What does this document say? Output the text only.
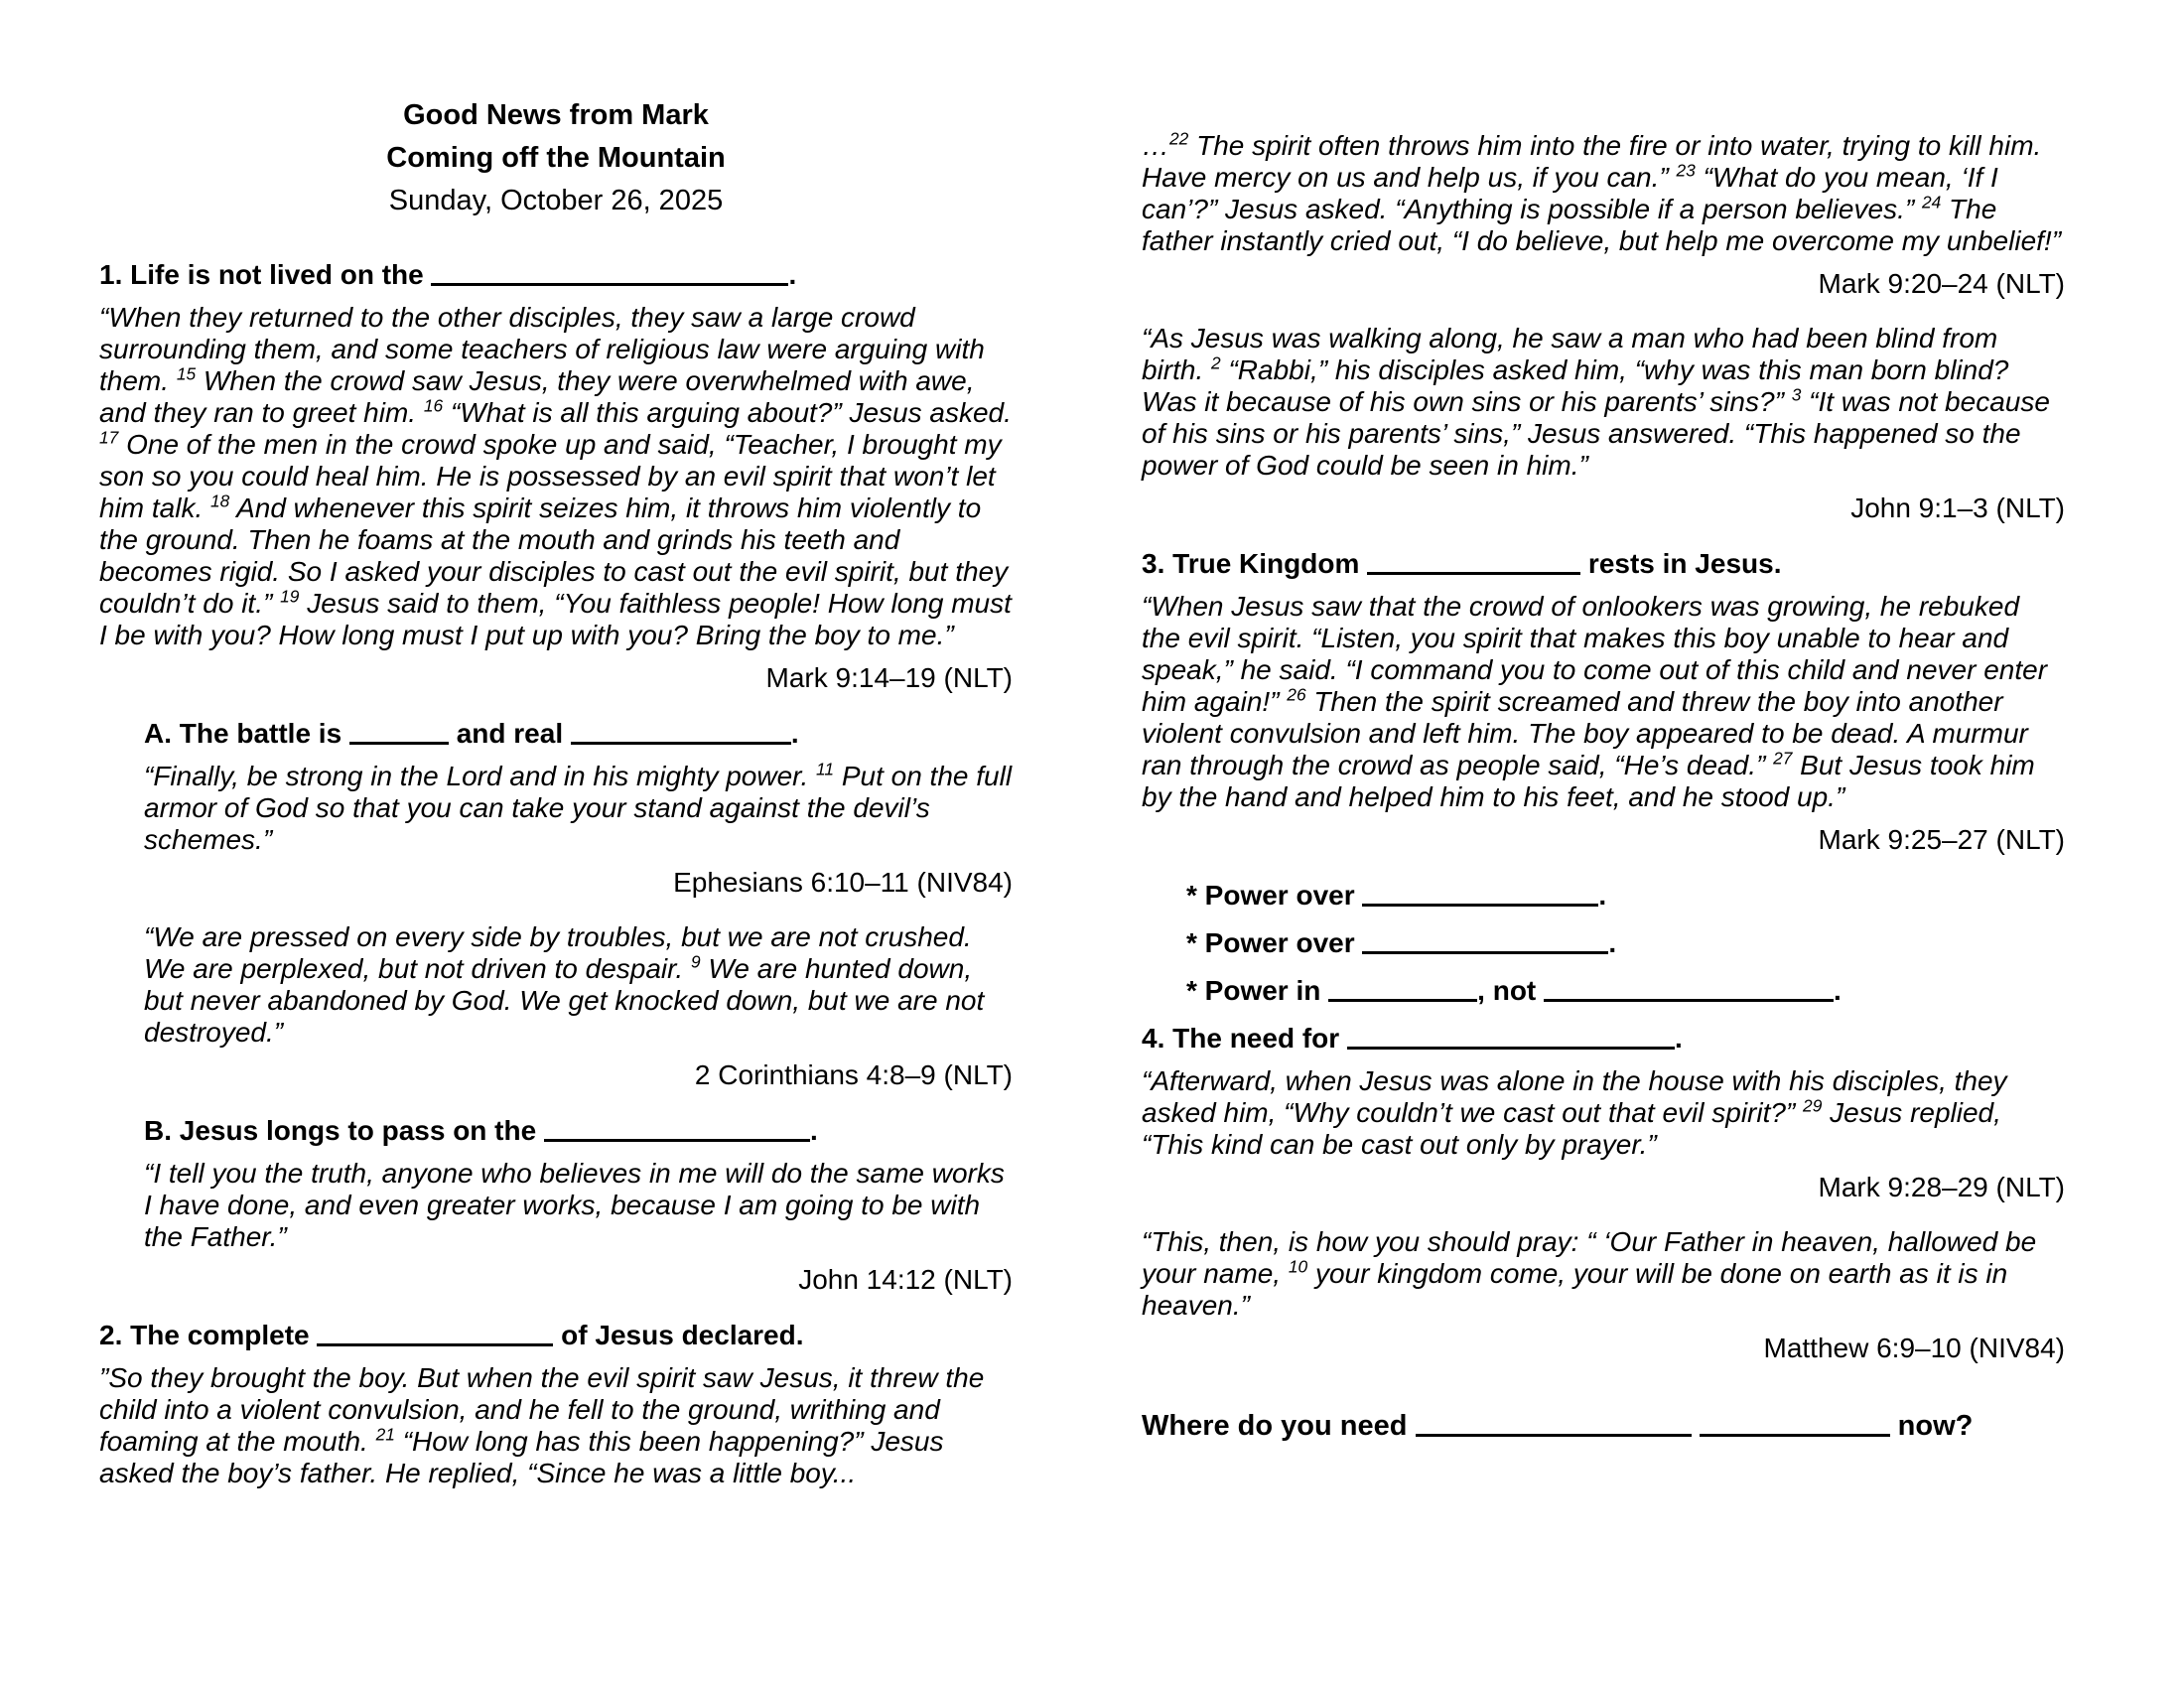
Good News from Mark
Coming off the Mountain
Sunday, October 26, 2025
1. Life is not lived on the	.
“When they returned to the other disciples, they saw a large crowd surrounding them, and some teachers of religious law were arguing with them. $^{15}$ When the crowd saw Jesus, they were overwhelmed with awe, and they ran to greet him. $^{16}$ “What is all this arguing about?” Jesus asked. $^{17}$ One of the men in the crowd spoke up and said, “Teacher, I brought my son so you could heal him. He is possessed by an evil spirit that won’t let him talk. $^{18}$ And whenever this spirit seizes him, it throws him violently to the ground. Then he foams at the mouth and grinds his teeth and becomes rigid. So I asked your disciples to cast out the evil spirit, but they couldn’t do it.” $^{19}$ Jesus said to them, “You faithless people! How long must I be with you? How long must I put up with you? Bring the boy to me.”
Mark 9:14–19 (NLT)
A. The battle is	and real	.
“Finally, be strong in the Lord and in his mighty power. $^{11}$ Put on the full armor of God so that you can take your stand against the devil’s schemes.”
Ephesians 6:10–11 (NIV84)
“We are pressed on every side by troubles, but we are not crushed. We are perplexed, but not driven to despair. $^9$ We are hunted down, but never abandoned by God. We get knocked down, but we are not destroyed.”
2 Corinthians 4:8–9 (NLT)
B. Jesus longs to pass on the	.
“I tell you the truth, anyone who believes in me will do the same works I have done, and even greater works, because I am going to be with the Father.”
John 14:12 (NLT)
2. The complete	of Jesus declared.
”So they brought the boy. But when the evil spirit saw Jesus, it threw the child into a violent convulsion, and he fell to the ground, writhing and foaming at the mouth. $^{21}$ “How long has this been happening?” Jesus asked the boy’s father. He replied, “Since he was a little boy...
…$^{22}$ The spirit often throws him into the fire or into water, trying to kill him. Have mercy on us and help us, if you can.” $^{23}$ “What do you mean, ‘If I can’?” Jesus asked. “Anything is possible if a person believes.” $^{24}$ The father instantly cried out, “I do believe, but help me overcome my unbelief!”
Mark 9:20–24 (NLT)
“As Jesus was walking along, he saw a man who had been blind from birth. $^2$ “Rabbi,” his disciples asked him, “why was this man born blind? Was it because of his own sins or his parents’ sins?” $^3$ “It was not because of his sins or his parents’ sins,” Jesus answered. “This happened so the power of God could be seen in him.”
John 9:1–3 (NLT)
3. True Kingdom	rests in Jesus.
“When Jesus saw that the crowd of onlookers was growing, he rebuked the evil spirit. “Listen, you spirit that makes this boy unable to hear and speak,” he said. “I command you to come out of this child and never enter him again!” $^{26}$ Then the spirit screamed and threw the boy into another violent convulsion and left him. The boy appeared to be dead. A murmur ran through the crowd as people said, “He’s dead.” $^{27}$ But Jesus took him by the hand and helped him to his feet, and he stood up.”
Mark 9:25–27 (NLT)
* Power over	.
* Power over	.
* Power in	, not	.
4. The need for	.
“Afterward, when Jesus was alone in the house with his disciples, they asked him, “Why couldn’t we cast out that evil spirit?” $^{29}$ Jesus replied, “This kind can be cast out only by prayer.”
Mark 9:28–29 (NLT)
“This, then, is how you should pray: “ ‘Our Father in heaven, hallowed be your name, $^{10}$ your kingdom come, your will be done on earth as it is in heaven.”
Matthew 6:9–10 (NIV84)
Where do you need	now?
